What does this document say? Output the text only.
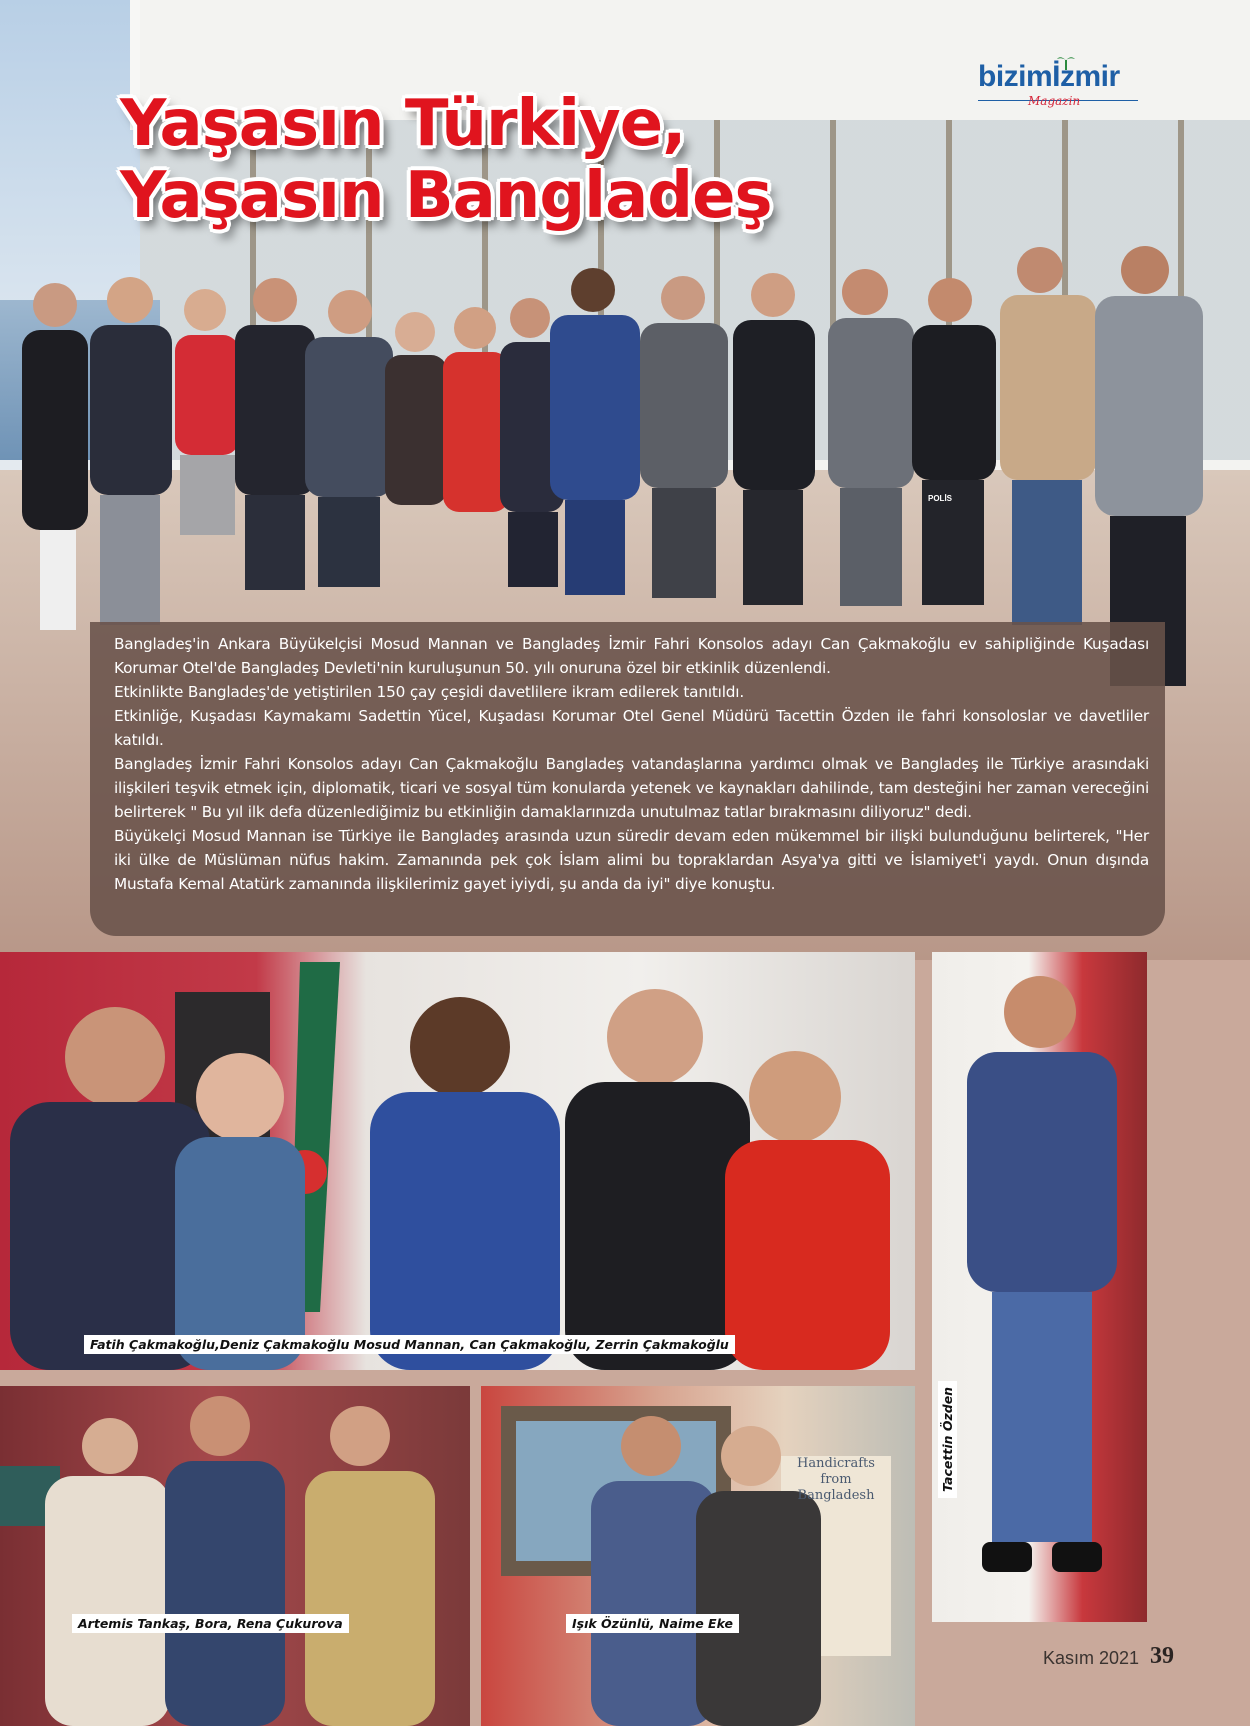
bizimİzmir
Magazin
Yaşasın Türkiye,
Yaşasın Bangladeş

Bangladeş'in Ankara Büyükelçisi Mosud Mannan ve Bangladeş İzmir Fahri Konsolos adayı Can Çakmakoğlu ev sahipliğinde Kuşadası Korumar Otel'de Bangladeş Devleti'nin kuruluşunun 50. yılı onuruna özel bir etkinlik düzenlendi.

Etkinlikte Bangladeş'de yetiştirilen 150 çay çeşidi davetlilere ikram edilerek tanıtıldı.

Etkinliğe, Kuşadası Kaymakamı Sadettin Yücel, Kuşadası Korumar Otel Genel Müdürü Tacettin Özden ile fahri konsoloslar ve davetliler katıldı.

Bangladeş İzmir Fahri Konsolos adayı Can Çakmakoğlu Bangladeş vatandaşlarına yardımcı olmak ve Bangladeş ile Türkiye arasındaki ilişkileri teşvik etmek için, diplomatik, ticari ve sosyal tüm konularda yetenek ve kaynakları dahilinde, tam desteğini her zaman vereceğini belirterek " Bu yıl ilk defa düzenlediğimiz bu etkinliğin damaklarınızda unutulmaz tatlar bırakmasını diliyoruz" dedi.

Büyükelçi Mosud Mannan ise Türkiye ile Bangladeş arasında uzun süredir devam eden mükemmel bir ilişki bulunduğunu belirterek, "Her iki ülke de Müslüman nüfus hakim. Zamanında pek çok İslam alimi bu topraklardan Asya'ya gitti ve İslamiyet'i yaydı. Onun dışında Mustafa Kemal Atatürk zamanında ilişkilerimiz gayet iyiydi, şu anda da iyi" diye konuştu.

Fatih Çakmakoğlu,Deniz Çakmakoğlu Mosud Mannan, Can Çakmakoğlu, Zerrin Çakmakoğlu
Tacettin Özden
Artemis Tankaş, Bora, Rena Çukurova
Handicrafts from Bangladesh
Işık Özünlü, Naime Eke
POLİS
Kasım 2021 39
